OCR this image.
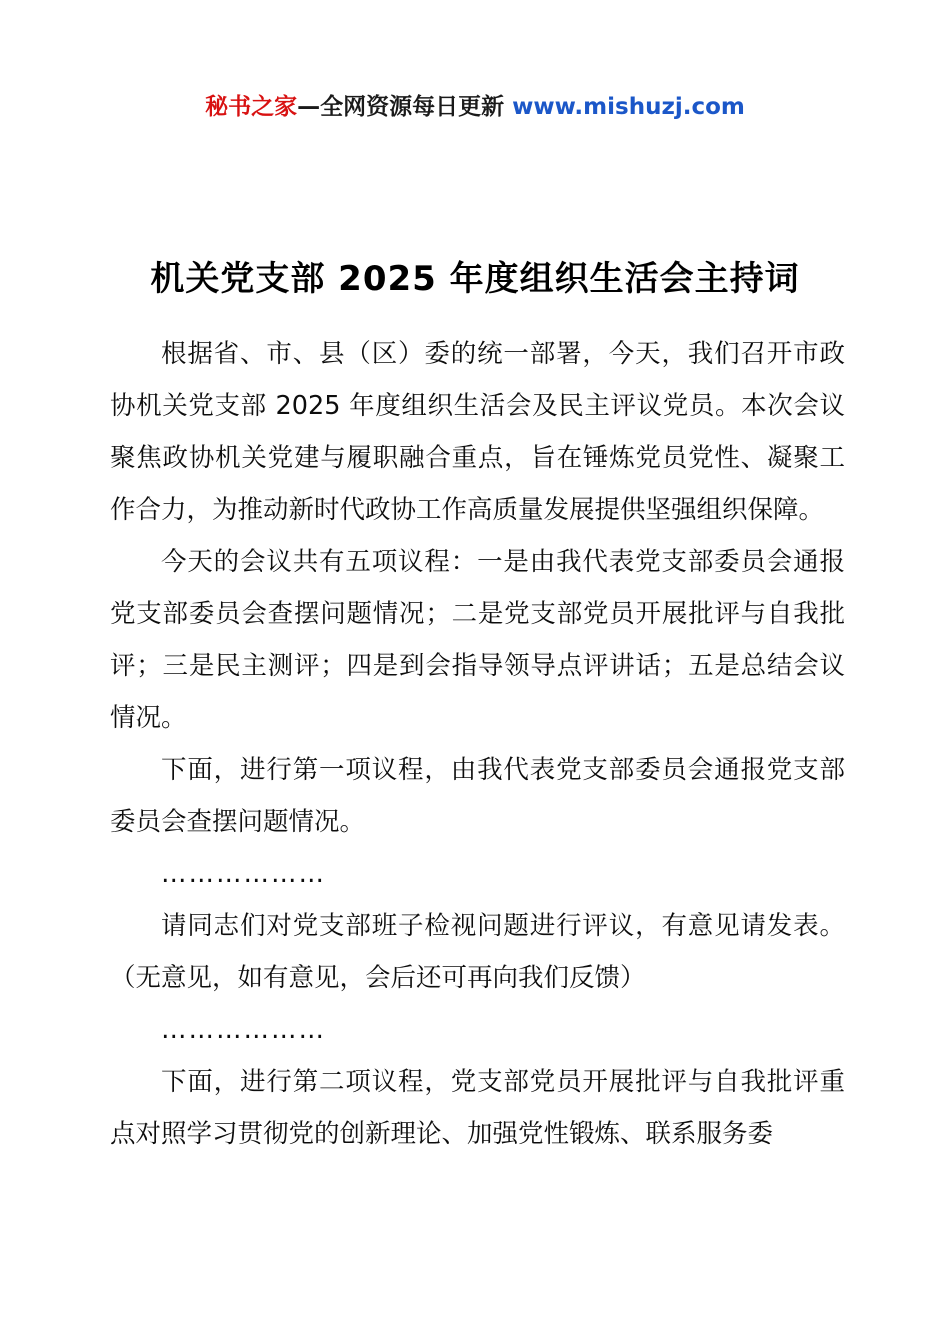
秘书之家—全网资源每日更新 www.mishuzj.com
机关党支部 2025 年度组织生活会主持词

根据省、市、县（区）委的统一部署，今天，我们召开市政协机关党支部 2025 年度组织生活会及民主评议党员。本次会议聚焦政协机关党建与履职融合重点，旨在锤炼党员党性、凝聚工作合力，为推动新时代政协工作高质量发展提供坚强组织保障。

今天的会议共有五项议程：一是由我代表党支部委员会通报党支部委员会查摆问题情况；二是党支部党员开展批评与自我批评；三是民主测评；四是到会指导领导点评讲话；五是总结会议情况。

下面，进行第一项议程，由我代表党支部委员会通报党支部委员会查摆问题情况。

………………

请同志们对党支部班子检视问题进行评议，有意见请发表。（无意见，如有意见，会后还可再向我们反馈）

………………

下面，进行第二项议程，党支部党员开展批评与自我批评重点对照学习贯彻党的创新理论、加强党性锻炼、联系服务委
